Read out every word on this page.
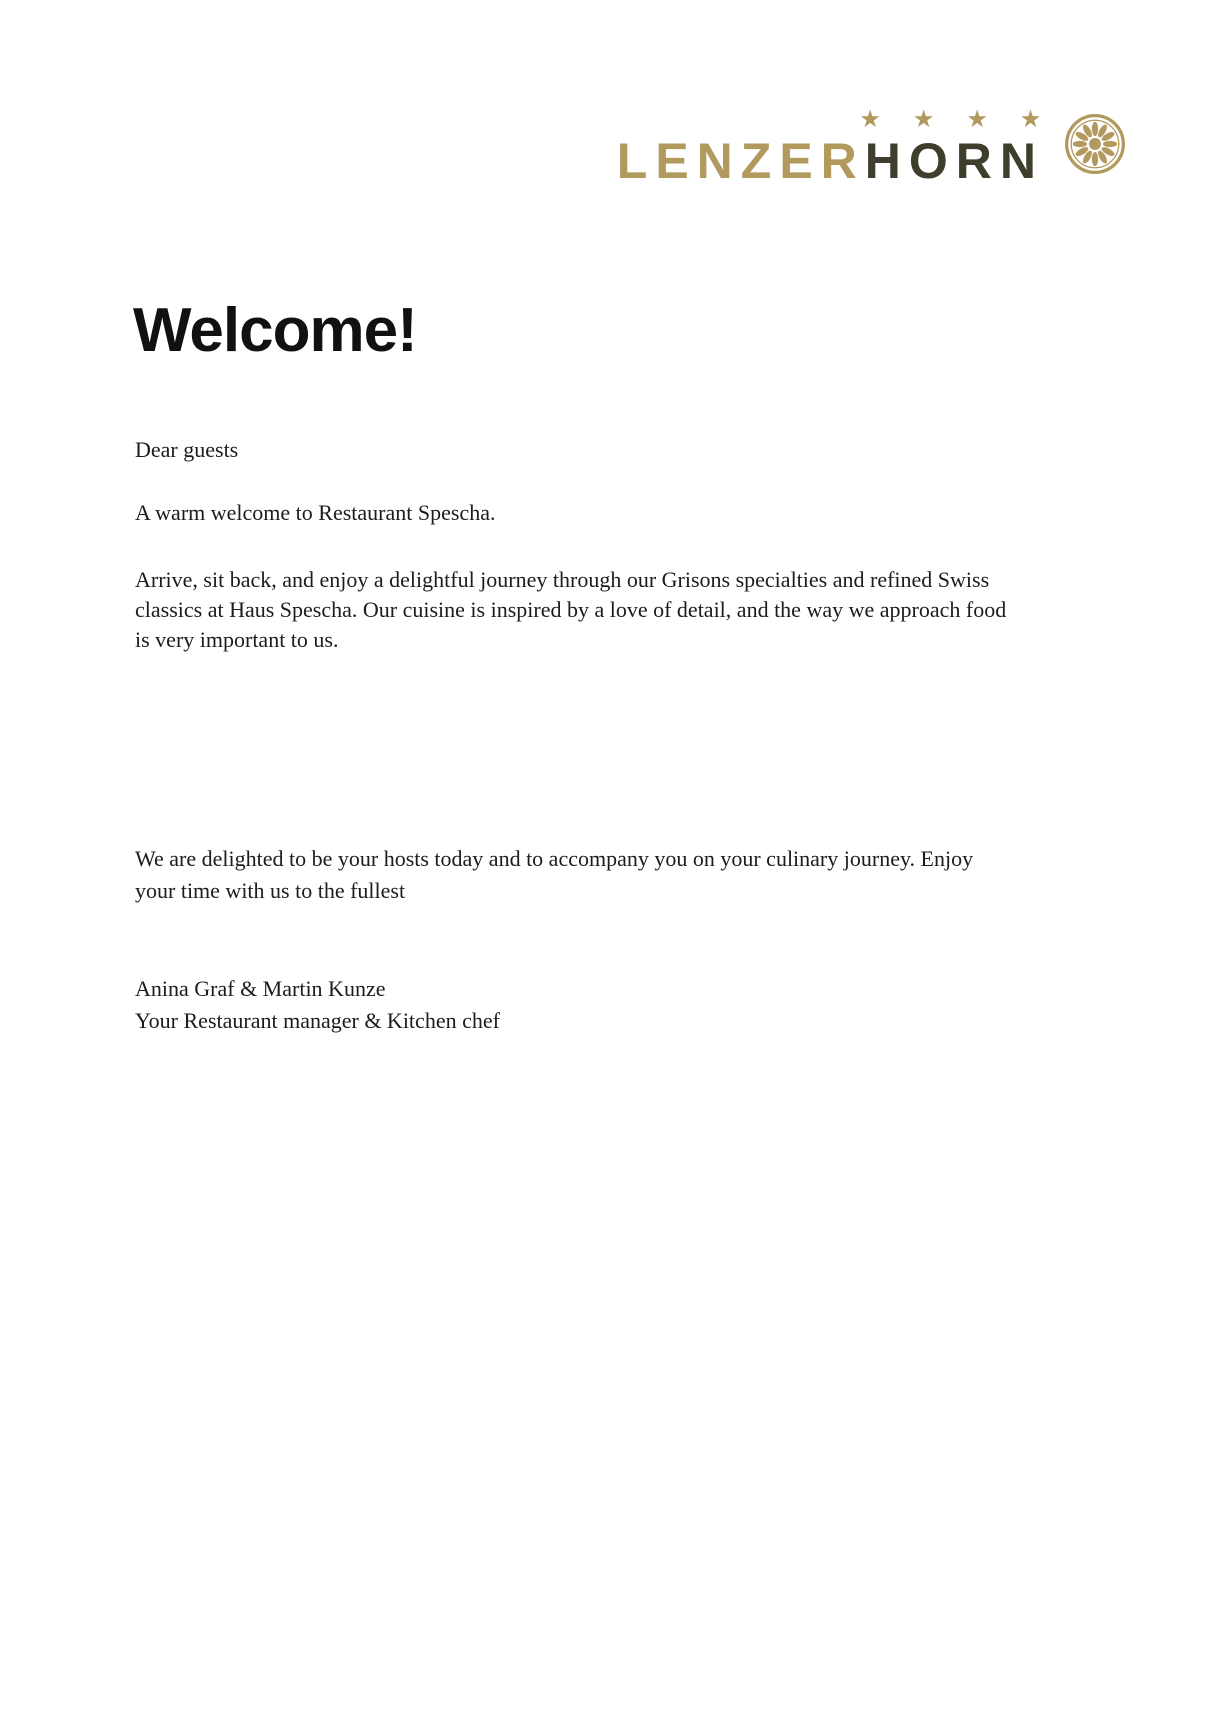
LENZERHORN
★ ★ ★ ★
Welcome!

Dear guests

A warm welcome to Restaurant Spescha.

Arrive, sit back, and enjoy a delightful journey through our Grisons specialties and refined Swiss
classics at Haus Spescha. Our cuisine is inspired by a love of detail, and the way we approach food
is very important to us.
We are delighted to be your hosts today and to accompany you on your culinary journey. Enjoy
your time with us to the fullest
Anina Graf & Martin Kunze
Your Restaurant manager & Kitchen chef
